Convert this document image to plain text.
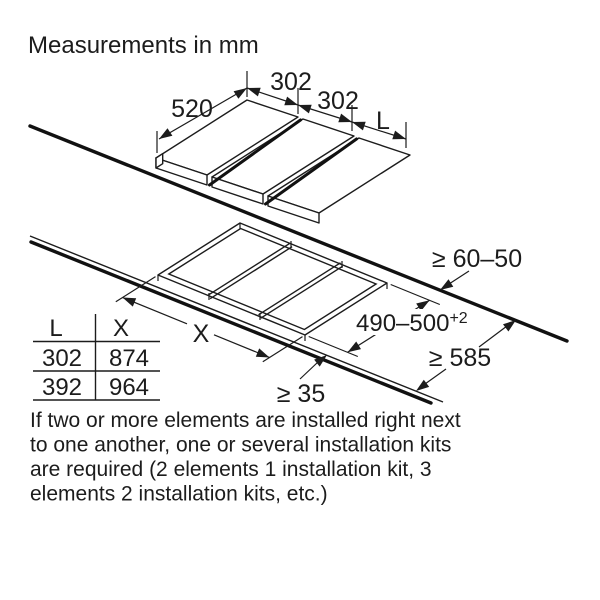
Measurements in mm
520
302
302
L
X	$490-500^{+2}$
≥ 60–50
≥ 585
≥ 35
L X
302 874
392 964
If two or more elements are installed right next
to one another, one or several installation kits
are required (2 elements 1 installation kit, 3
elements 2 installation kits, etc.)
